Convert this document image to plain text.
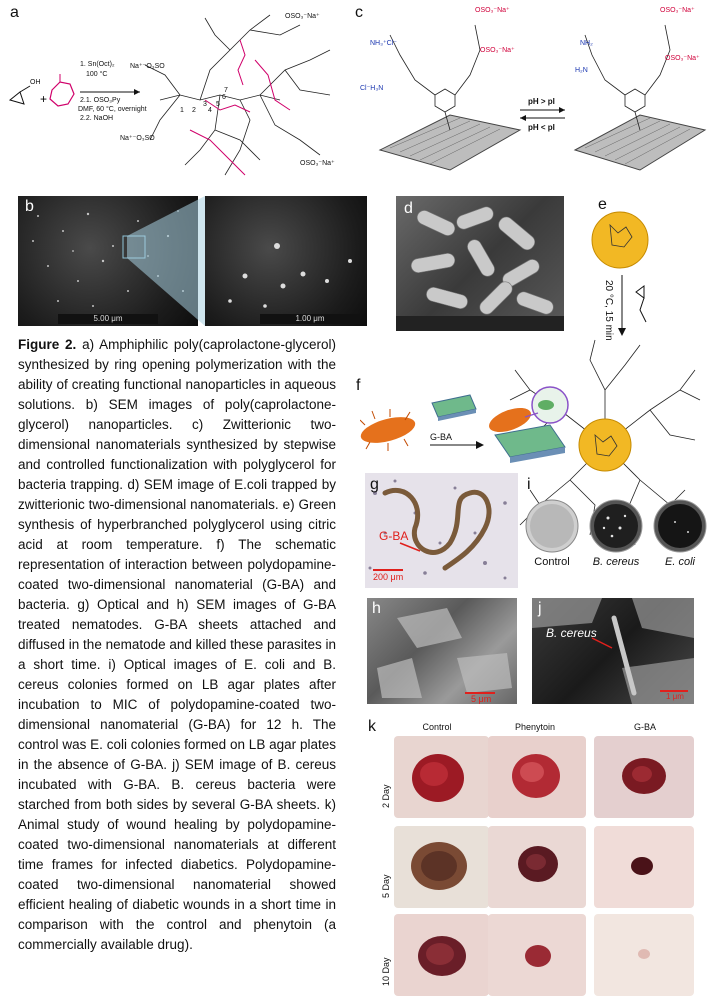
a
OH
+
1. Sn(Oct)₂
100 °C
2.1. OSO₃Py
DMF, 60 °C, overnight
2.2. NaOH
1 2
3
4
5
6
7
Na⁺⁻O₃SO
OSO₃⁻Na⁺
Na⁺⁻O₃SO
OSO₃⁻Na⁺
c
NH₃⁺Cl⁻
Cl⁻H₃N
OSO₃⁻Na⁺
OSO₃⁻Na⁺
pH > pI
pH < pI
NH₂
H₂N
OSO₃⁻Na⁺
OSO₃⁻Na⁺
b
5.00 μm	1.00 μm
d	e
20 °C, 15 min
f
G-BA
G-BA
200 μm
g	i
Control	B. cereus	E. coli
5 μm
h
B. cereus
1 μm
j
k	Control	Phenytoin	G-BA
2 Day
5 Day
10 Day
Figure 2. a) Amphiphilic poly(caprolactone-glycerol) synthesized by ring opening polymerization with the ability of creating functional nanoparticles in aqueous solutions. b) SEM images of poly(caprolactone-glycerol) nanoparticles. c) Zwitterionic two-dimensional nanomaterials synthesized by stepwise and controlled functionalization with polyglycerol for bacteria trapping. d) SEM image of E.coli trapped by zwitterionic two-dimensional nanomaterials. e) Green synthesis of hyperbranched polyglycerol using citric acid at room temperature. f) The schematic representation of interaction between polydopamine-coated two-dimensional nanomaterial (G-BA) and bacteria. g) Optical and h) SEM images of G-BA treated nematodes. G-BA sheets attached and diffused in the nematode and killed these parasites in a short time. i) Optical images of E. coli and B. cereus colonies formed on LB agar plates after incubation to MIC of polydopamine-coated two-dimensional nanomaterial (G-BA) for 12 h. The control was E. coli colonies formed on LB agar plates in the absence of G-BA. j) SEM image of B. cereus incubated with G-BA. B. cereus bacteria were starched from both sides by several G-BA sheets. k) Animal study of wound healing by polydopamine-coated two-dimensional nanomaterials at different time frames for infected diabetics. Polydopamine-coated two-dimensional nanomaterial showed efficient healing of diabetic wounds in a short time in comparison with the control and phenytoin (a commercially available drug).
